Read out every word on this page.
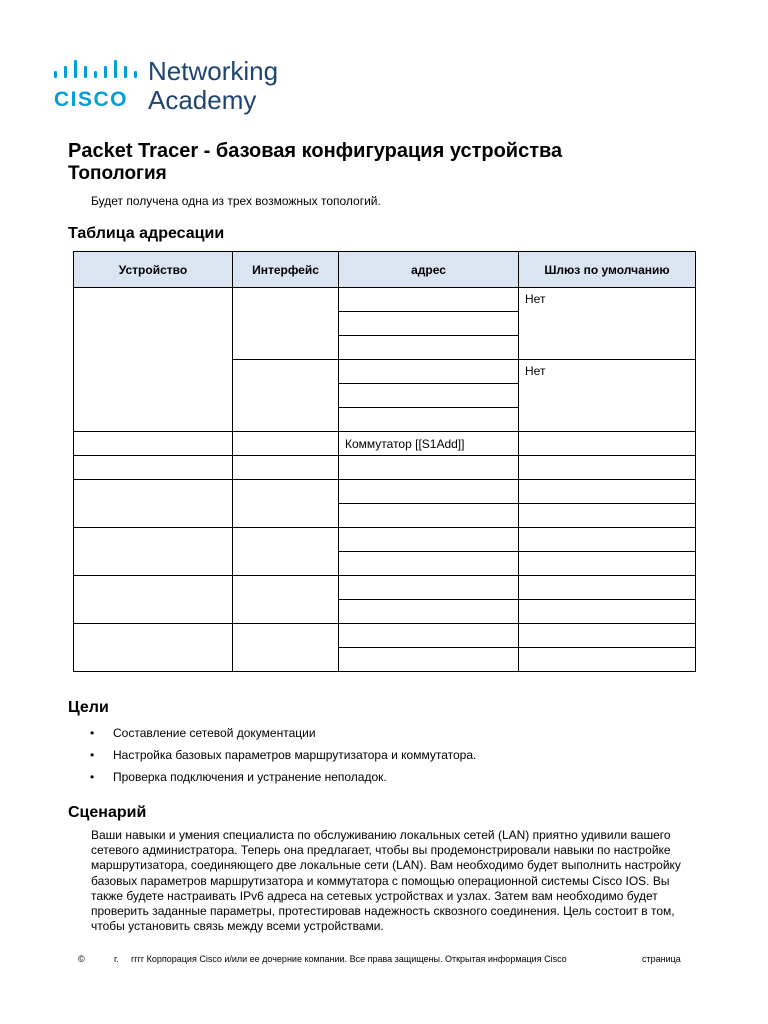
CISCO
Networking
Academy
Packet Tracer - базовая конфигурация устройства
Топология
Будет получена одна из трех возможных топологий.
Таблица адресации
Устройство	Интерфейс	адрес	Шлюз по умолчанию
			Нет

			Нет

		Коммутатор [[S1Add]]	

Цели
• Составление сетевой документации
• Настройка базовых параметров маршрутизатора и коммутатора.
• Проверка подключения и устранение неполадок.
Сценарий
Ваши навыки и умения специалиста по обслуживанию локальных сетей (LAN) приятно удивили вашего сетевого администратора. Теперь она предлагает, чтобы вы продемонстрировали навыки по настройке маршрутизатора, соединяющего две локальные сети (LAN). Вам необходимо будет выполнить настройку базовых параметров маршрутизатора и коммутатора с помощью операционной системы Cisco IOS. Вы также будете настраивать IPv6 адреса на сетевых устройствах и узлах. Затем вам необходимо будет проверить заданные параметры, протестировав надежность сквозного соединения. Цель состоит в том, чтобы установить связь между всеми устройствами.
©	г. гггг Корпорация Cisco и/или ее дочерние компании. Все права защищены. Открытая информация Cisco	страница
